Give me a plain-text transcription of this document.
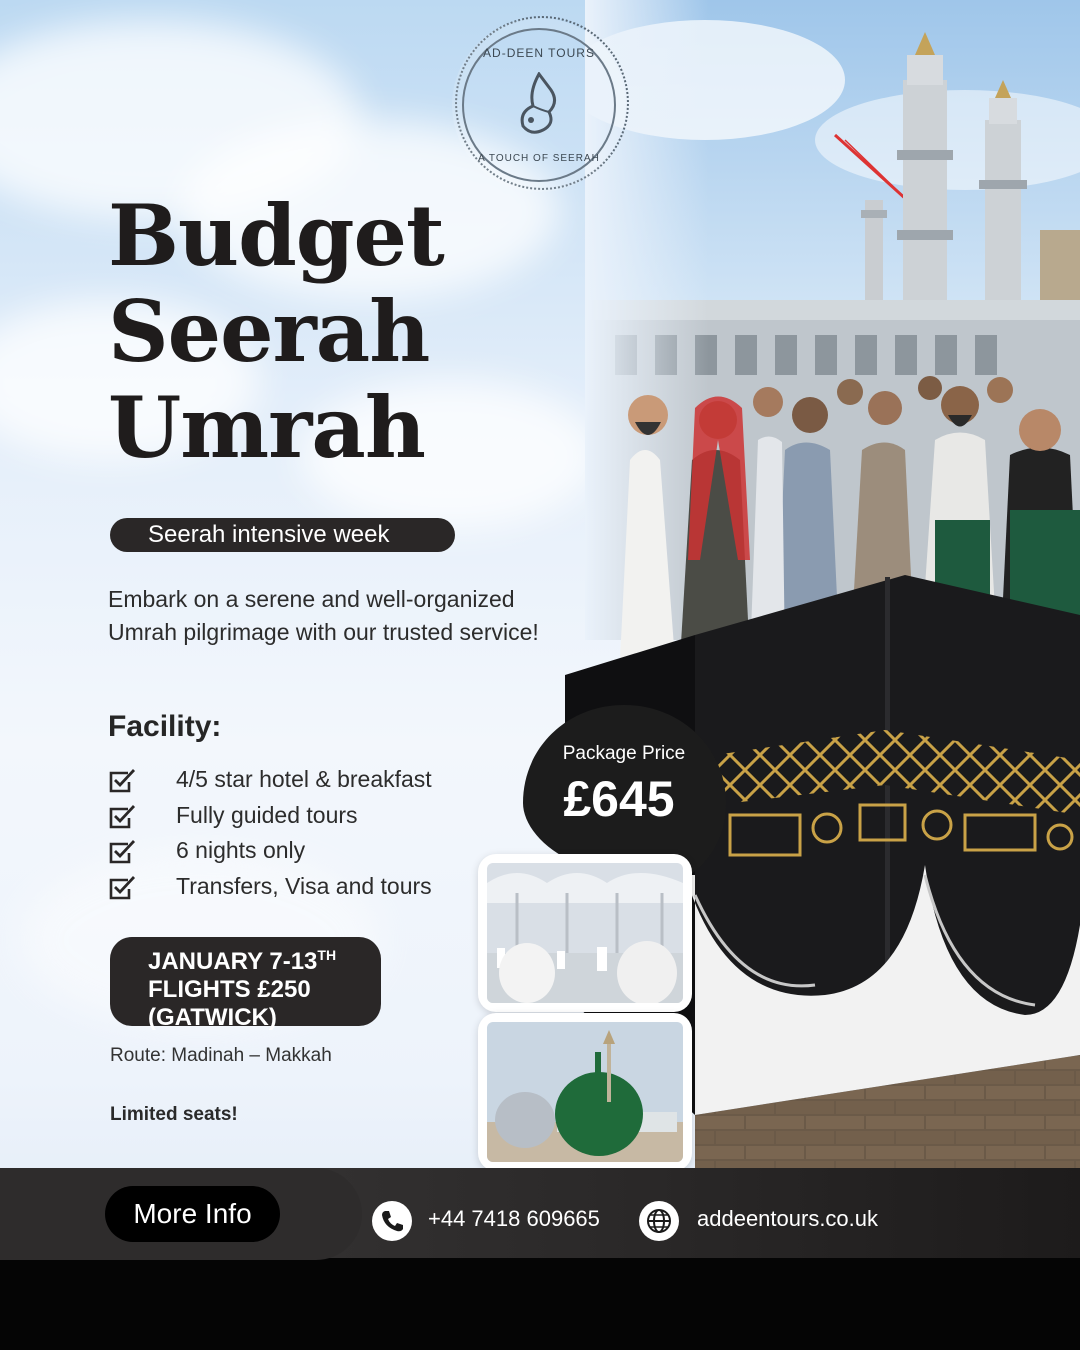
AD-DEEN TOURS
A TOUCH OF SEERAH
Budget
Seerah
Umrah
Seerah intensive week
Embark on a serene and well-organized Umrah pilgrimage with our trusted service!
Facility:
4/5 star hotel & breakfast
Fully guided tours
6 nights only
Transfers, Visa and tours
JANUARY 7-13TH
FLIGHTS £250
(GATWICK)
Route: Madinah – Makkah
Limited seats!
Package Price
£645
More Info	+44 7418 609665	addeentours.co.uk
